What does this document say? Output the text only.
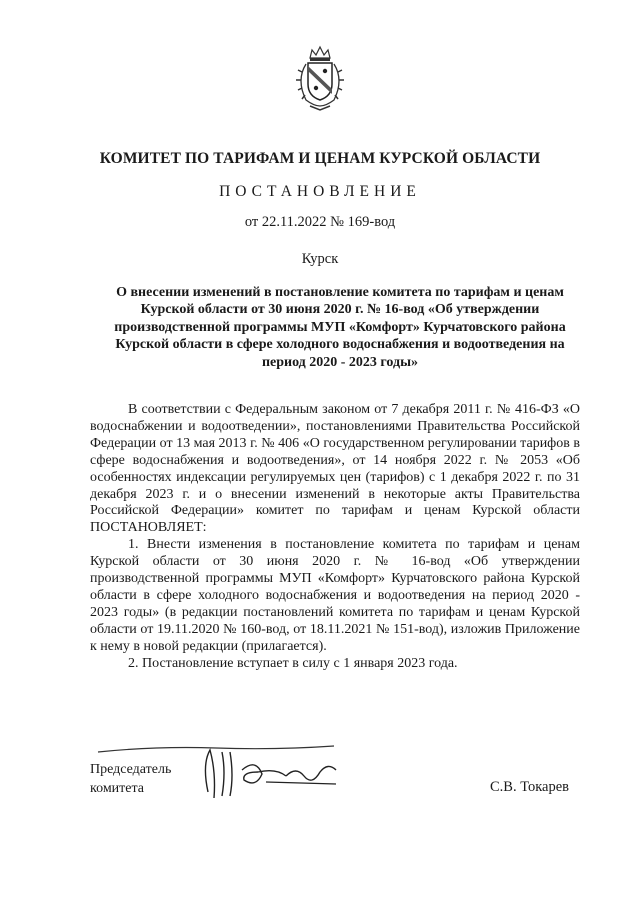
КОМИТЕТ ПО ТАРИФАМ И ЦЕНАМ КУРСКОЙ ОБЛАСТИ
ПОСТАНОВЛЕНИЕ
от 22.11.2022 № 169-вод
Курск
О внесении изменений в постановление комитета по тарифам и ценам Курской области от 30 июня 2020 г. № 16-вод «Об утверждении производственной программы МУП «Комфорт» Курчатовского района Курской области в сфере холодного водоснабжения и водоотведения на период 2020 - 2023 годы»

В соответствии с Федеральным законом от 7 декабря 2011 г. № 416-ФЗ «О водоснабжении и водоотведении», постановлениями Правительства Российской Федерации от 13 мая 2013 г. № 406 «О государственном регулировании тарифов в сфере водоснабжения и водоотведения», от 14 ноября 2022 г. № 2053 «Об особенностях индексации регулируемых цен (тарифов) с 1 декабря 2022 г. по 31 декабря 2023 г. и о внесении изменений в некоторые акты Правительства Российской Федерации» комитет по тарифам и ценам Курской области ПОСТАНОВЛЯЕТ:

1. Внести изменения в постановление комитета по тарифам и ценам Курской области от 30 июня 2020 г. № 16-вод «Об утверждении производственной программы МУП «Комфорт» Курчатовского района Курской области в сфере холодного водоснабжения и водоотведения на период 2020 - 2023 годы» (в редакции постановлений комитета по тарифам и ценам Курской области от 19.11.2020 № 160-вод, от 18.11.2021 № 151-вод), изложив Приложение к нему в новой редакции (прилагается).

2. Постановление вступает в силу с 1 января 2023 года.

Председатель
комитета	С.В. Токарев
